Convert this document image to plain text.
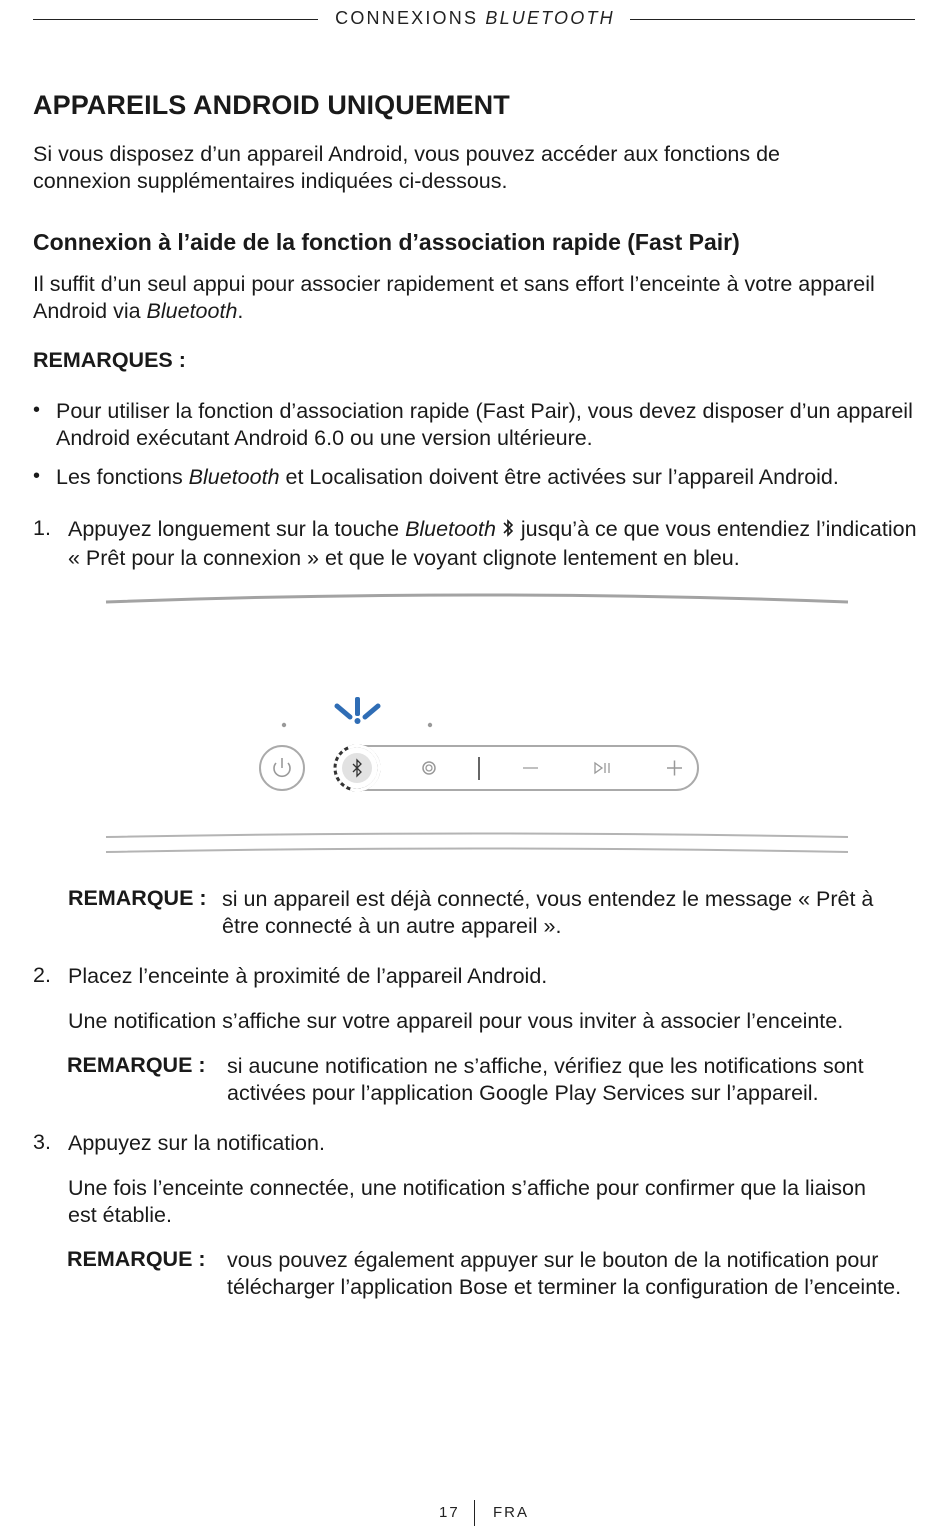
CONNEXIONS BLUETOOTH
APPAREILS ANDROID UNIQUEMENT
Si vous disposez d’un appareil Android, vous pouvez accéder aux fonctions de connexion supplémentaires indiquées ci-dessous.
Connexion à l’aide de la fonction d’association rapide (Fast Pair)
Il suffit d’un seul appui pour associer rapidement et sans effort l’enceinte à votre appareil Android via Bluetooth.
REMARQUES :
• Pour utiliser la fonction d’association rapide (Fast Pair), vous devez disposer d’un appareil Android exécutant Android 6.0 ou une version ultérieure.
• Les fonctions Bluetooth et Localisation doivent être activées sur l’appareil Android.
1. Appuyez longuement sur la touche Bluetooth jusqu’à ce que vous entendiez l’indication « Prêt pour la connexion » et que le voyant clignote lentement en bleu.
REMARQUE : si un appareil est déjà connecté, vous entendez le message « Prêt à être connecté à un autre appareil ».
2. Placez l’enceinte à proximité de l’appareil Android.
Une notification s’affiche sur votre appareil pour vous inviter à associer l’enceinte.
REMARQUE : si aucune notification ne s’affiche, vérifiez que les notifications sont activées pour l’application Google Play Services sur l’appareil.
3. Appuyez sur la notification.
Une fois l’enceinte connectée, une notification s’affiche pour confirmer que la liaison est établie.
REMARQUE : vous pouvez également appuyer sur le bouton de la notification pour télécharger l’application Bose et terminer la configuration de l’enceinte.
17 FRA
